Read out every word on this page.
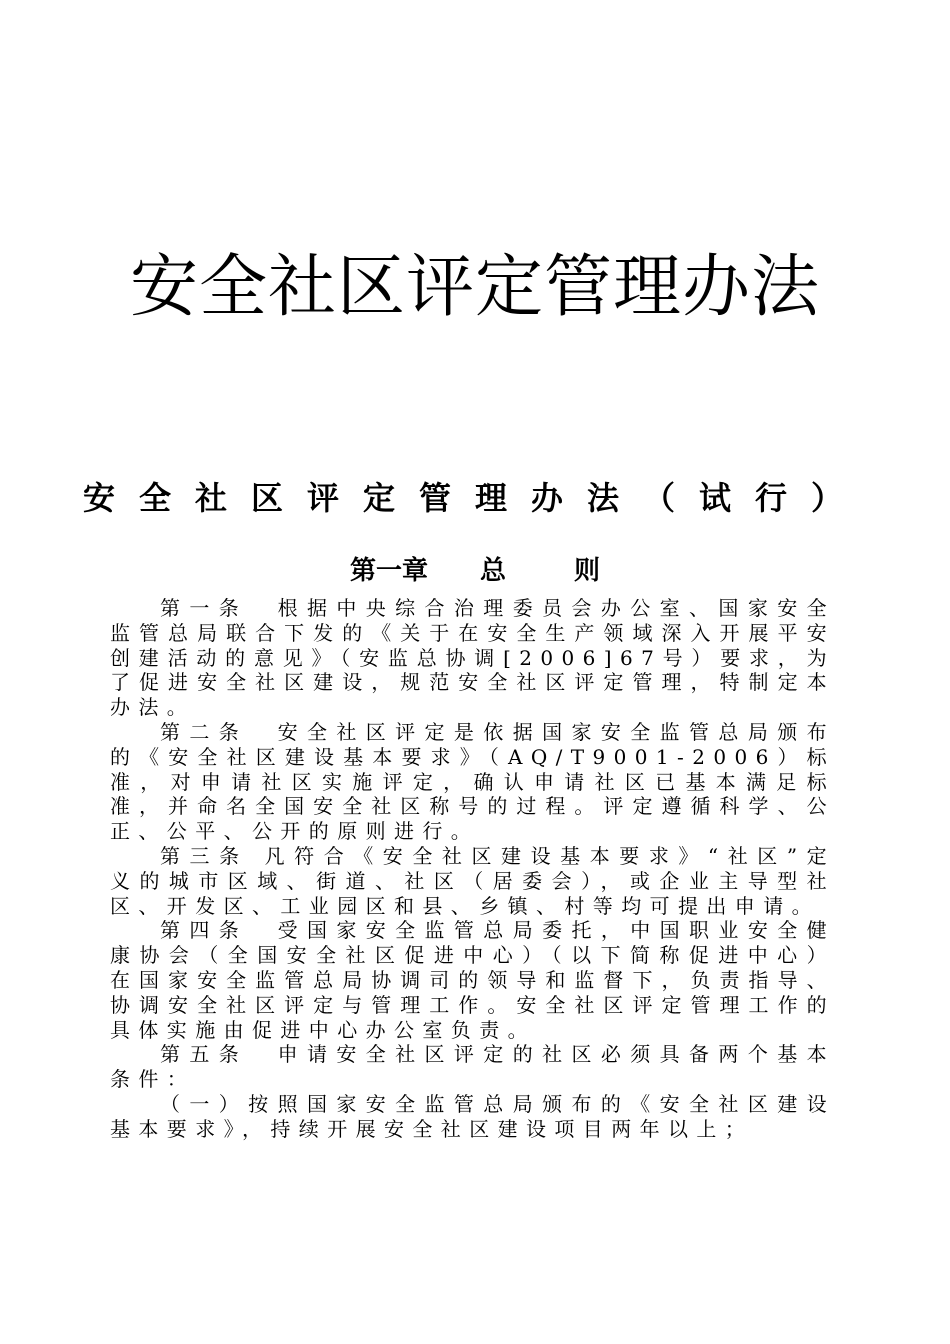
安全社区评定管理办法
安全社区评定管理办法（试行）
第一章 总	则

第一条　根据中央综合治理委员会办公室、国家安全监管总局联合下发的《关于在安全生产领域深入开展平安创建活动的意见》（安监总协调[2006]67号）要求，为了促进安全社区建设，规范安全社区评定管理，特制定本办法。

第二条　安全社区评定是依据国家安全监管总局颁布的《安全社区建设基本要求》（AQ/T9001-2006）标准，对申请社区实施评定，确认申请社区已基本满足标准，并命名全国安全社区称号的过程。评定遵循科学、公正、公平、公开的原则进行。

第三条 凡符合《安全社区建设基本要求》“社区”定义的城市区域、街道、社区（居委会），或企业主导型社区、开发区、工业园区和县、乡镇、村等均可提出申请。

第四条　受国家安全监管总局委托，中国职业安全健康协会（全国安全社区促进中心）（以下简称促进中心）在国家安全监管总局协调司的领导和监督下，负责指导、协调安全社区评定与管理工作。安全社区评定管理工作的具体实施由促进中心办公室负责。

第五条　申请安全社区评定的社区必须具备两个基本条件：

（一）按照国家安全监管总局颁布的《安全社区建设基本要求》，持续开展安全社区建设项目两年以上；
